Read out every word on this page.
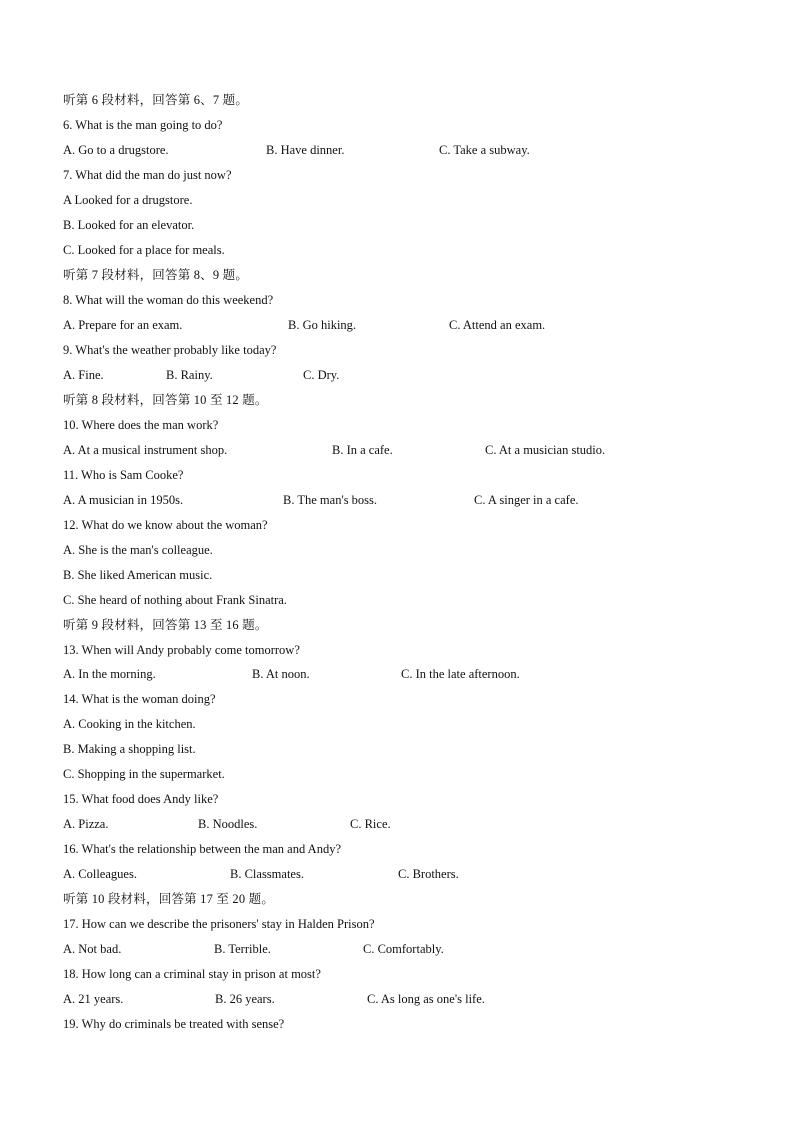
听第 6 段材料，回答第 6、7 题。
6. What is the man going to do?
A. Go to a drugstore.	B. Have dinner.	C. Take a subway.
7. What did the man do just now?
A Looked for a drugstore.
B. Looked for an elevator.
C. Looked for a place for meals.
听第 7 段材料，回答第 8、9 题。
8. What will the woman do this weekend?
A. Prepare for an exam.	B. Go hiking.	C. Attend an exam.
9. What's the weather probably like today?
A. Fine.	B. Rainy.	C. Dry.
听第 8 段材料，回答第 10 至 12 题。
10. Where does the man work?
A. At a musical instrument shop.	B. In a cafe.	C. At a musician studio.
11. Who is Sam Cooke?
A. A musician in 1950s.	B. The man's boss.	C. A singer in a cafe.
12. What do we know about the woman?
A. She is the man's colleague.
B. She liked American music.
C. She heard of nothing about Frank Sinatra.
听第 9 段材料，回答第 13 至 16 题。
13. When will Andy probably come tomorrow?
A. In the morning.	B. At noon.	C. In the late afternoon.
14. What is the woman doing?
A. Cooking in the kitchen.
B. Making a shopping list.
C. Shopping in the supermarket.
15. What food does Andy like?
A. Pizza.	B. Noodles.	C. Rice.
16. What's the relationship between the man and Andy?
A. Colleagues.	B. Classmates.	C. Brothers.
听第 10 段材料，回答第 17 至 20 题。
17. How can we describe the prisoners' stay in Halden Prison?
A. Not bad.	B. Terrible.	C. Comfortably.
18. How long can a criminal stay in prison at most?
A. 21 years.	B. 26 years.	C. As long as one's life.
19. Why do criminals be treated with sense?
